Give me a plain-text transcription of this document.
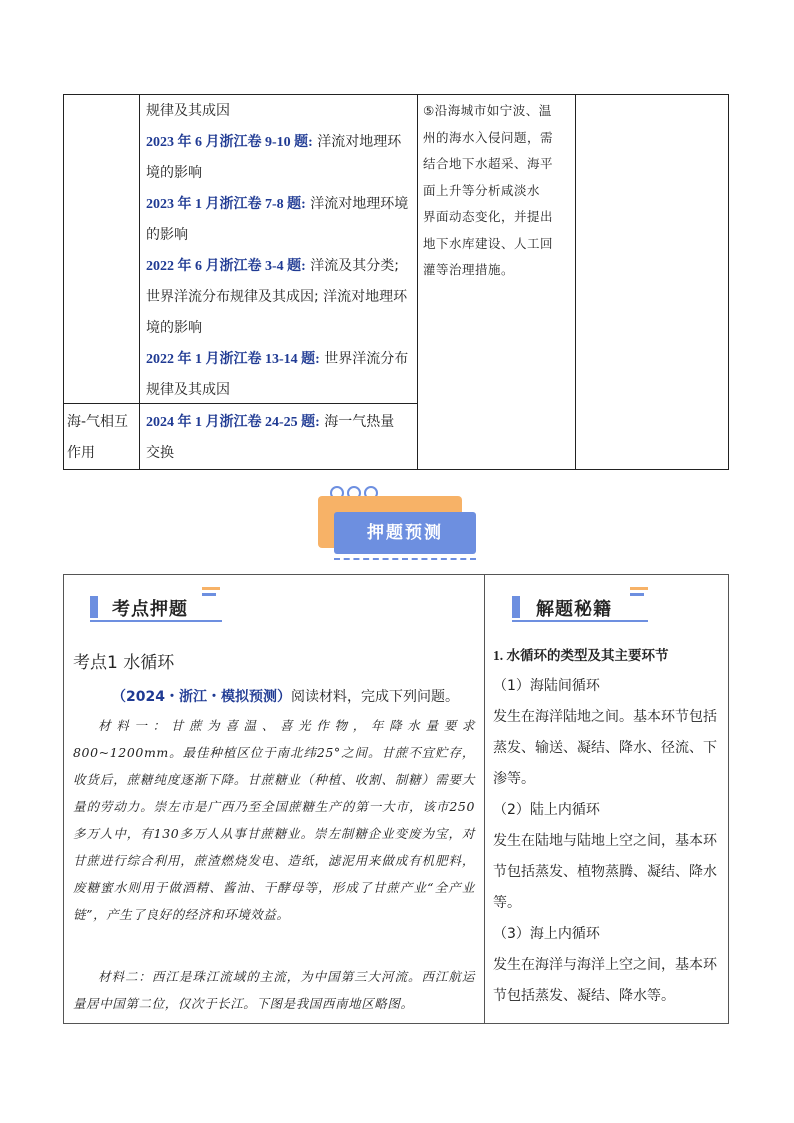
规律及其成因
2023 年 6 月浙江卷 9-10 题: 洋流对地理环
境的影响
2023 年 1 月浙江卷 7-8 题: 洋流对地理环境
的影响
2022 年 6 月浙江卷 3-4 题: 洋流及其分类;
世界洋流分布规律及其成因; 洋流对地理环
境的影响
2022 年 1 月浙江卷 13-14 题: 世界洋流分布
规律及其成因
海-气相互
作用
2024 年 1 月浙江卷 24-25 题: 海一气热量
交换
⑤沿海城市如宁波、温
州的海水入侵问题，需
结合地下水超采、海平
面上升等分析咸淡水
界面动态变化，并提出
地下水库建设、人工回
灌等治理措施。
押题预测
考点押题
考点1 水循环
（2024・浙江・模拟预测）阅读材料，完成下列问题。
材料一：甘蔗为喜温、喜光作物，年降水量要求800~1200mm。最佳种植区位于南北纬25°之间。甘蔗不宜贮存，收货后，蔗糖纯度逐渐下降。甘蔗糖业（种植、收割、制糖）需要大量的劳动力。崇左市是广西乃至全国蔗糖生产的第一大市，该市250多万人中，有130多万人从事甘蔗糖业。崇左制糖企业变废为宝，对甘蔗进行综合利用，蔗渣燃烧发电、造纸，滤泥用来做成有机肥料，废糖蜜水则用于做酒精、酱油、干酵母等，形成了甘蔗产业“全产业链”，产生了良好的经济和环境效益。
材料二：西江是珠江流域的主流，为中国第三大河流。西江航运量居中国第二位，仅次于长江。下图是我国西南地区略图。
解题秘籍
1. 水循环的类型及其主要环节
（1）海陆间循环
发生在海洋陆地之间。基本环节包括蒸发、输送、凝结、降水、径流、下渗等。
（2）陆上内循环
发生在陆地与陆地上空之间，基本环节包括蒸发、植物蒸腾、凝结、降水等。
（3）海上内循环
发生在海洋与海洋上空之间，基本环节包括蒸发、凝结、降水等。
